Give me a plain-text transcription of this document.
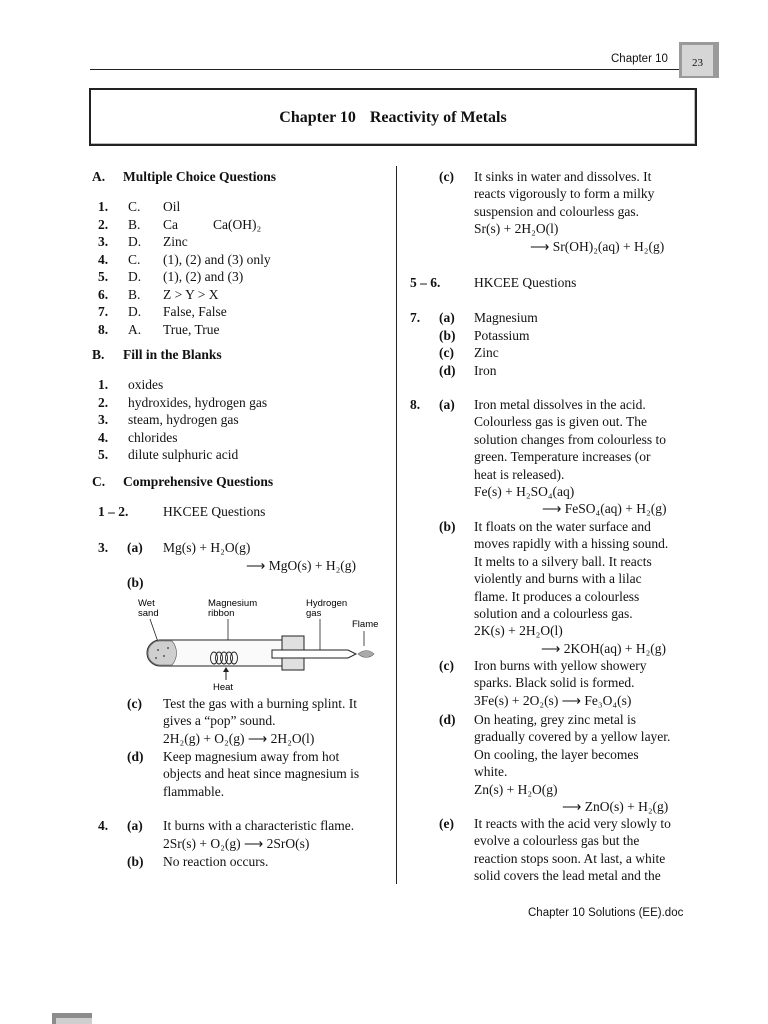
Chapter 10	23
Chapter 10 Reactivity of Metals
A. Multiple Choice Questions
1. C. Oil
2. B. Ca	Ca(OH)₂
3. D. Zinc
4. C. (1), (2) and (3) only
5. D. (1), (2) and (3)
6. B. Z > Y > X
7. D. False, False
8. A. True, True
B. Fill in the Blanks
1. oxides
2. hydroxides, hydrogen gas
3. steam, hydrogen gas
4. chlorides
5. dilute sulphuric acid
C. Comprehensive Questions
1 – 2.	HKCEE Questions
3. (a) Mg(s) + H₂O(g)
⟶ MgO(s) + H₂(g)
(b)
Wet
sand
Magnesium
ribbon
Hydrogen
gas
Flame
Heat
(c) Test the gas with a burning splint. It
gives a “pop” sound.
2H₂(g) + O₂(g) ⟶ 2H₂O(l)
(d) Keep magnesium away from hot
objects and heat since magnesium is
flammable.
4. (a) It burns with a characteristic flame.
2Sr(s) + O₂(g) ⟶ 2SrO(s)
(b) No reaction occurs.
(c) It sinks in water and dissolves. It
reacts vigorously to form a milky
suspension and colourless gas.
Sr(s) + 2H₂O(l)
⟶ Sr(OH)₂(aq) + H₂(g)
5 – 6. HKCEE Questions
7. (a) Magnesium
(b) Potassium
(c) Zinc
(d) Iron
8. (a) Iron metal dissolves in the acid.
Colourless gas is given out. The
solution changes from colourless to
green. Temperature increases (or
heat is released).
Fe(s) + H₂SO₄(aq)
⟶ FeSO₄(aq) + H₂(g)
(b) It floats on the water surface and
moves rapidly with a hissing sound.
It melts to a silvery ball. It reacts
violently and burns with a lilac
flame. It produces a colourless
solution and a colourless gas.
2K(s) + 2H₂O(l)
⟶ 2KOH(aq) + H₂(g)
(c) Iron burns with yellow showery
sparks. Black solid is formed.
3Fe(s) + 2O₂(s) ⟶ Fe₃O₄(s)
(d) On heating, grey zinc metal is
gradually covered by a yellow layer.
On cooling, the layer becomes
white.
Zn(s) + H₂O(g)
⟶ ZnO(s) + H₂(g)
(e) It reacts with the acid very slowly to
evolve a colourless gas but the
reaction stops soon. At last, a white
solid covers the lead metal and the
Chapter 10 Solutions (EE).doc
